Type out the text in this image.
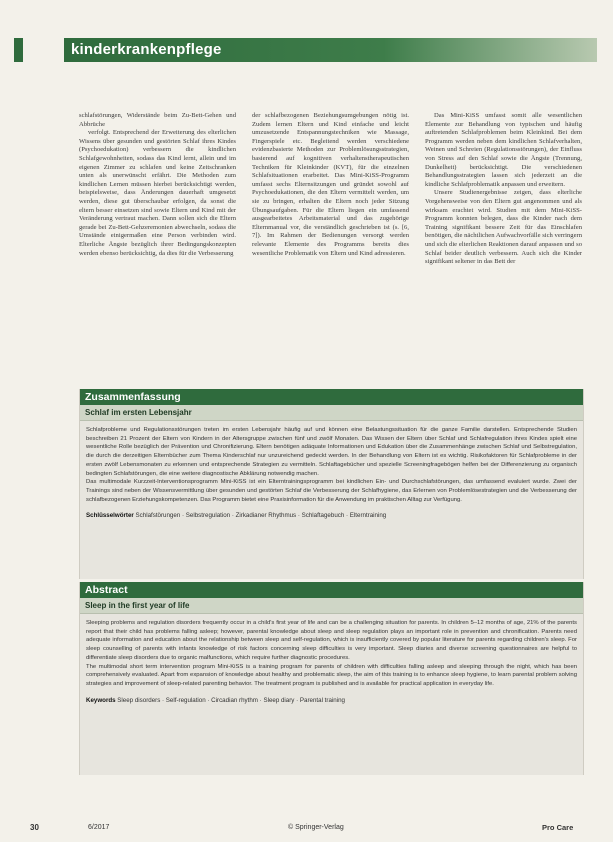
kinderkrankenpflege

schlafstörungen, Widerstände beim Zu-Bett-Gehen und Abbrüche

verfolgt. Entsprechend der Erweiterung des elterlichen Wissens über gesunden und gestörten Schlaf ihres Kindes (Psychoedukation) verbessern die kindlichen Schlafgewohnheiten, sodass das Kind lernt, allein und im eigenen Zimmer zu schlafen und keine Zeitschranken unten als unerwünscht erfährt. Die Methoden zum kindlichen Lernen müssen hierbei berücksichtigt werden, beispielsweise, dass Änderungen dauerhaft umgesetzt werden, diese gut überschaubar erfolgen, da sonst die eltern besser einsetzen sind sowie Eltern und Kind mit der Veränderung vertraut machen. Dann sollen sich die Eltern gerade bei Zu-Bett-Gehzeremonien abwechseln, sodass die Umstände einigermaßen eine Person verbinden wird. Elterliche Ängste bezüglich ihrer Bedingungskonzepten werden ebenso berücksichtig, da dies für die Verbesserung

der schlafbezogenen Beziehungsumgebungen nötig ist. Zudem lernen Eltern und Kind einfache und leicht umzusetzende Entspannungstechniken wie Massage, Fingerspiele etc. Begleitend werden verschiedene evidenzbasierte Methoden zur Problemlösungsstrategien, basierend auf kognitiven verhaltenstherapeutischen Techniken für Kleinkinder (KVT), für die einzelnen Schlafsituationen erarbeitet. Das Mini-KiSS-Programm umfasst sechs Elternsitzungen und gründet sowohl auf Psychoedukationen, die den Eltern vermittelt werden, um sie zu bringen, erhalten die Eltern noch jeder Sitzung Übungsaufgaben. Für die Eltern liegen ein umfassend ausgearbeitetes Arbeitsmaterial und das zugehörige Elternmanual vor, die verständlich geschrieben ist (s. [6, 7]). Im Rahmen der Bedienungen versorgt werden relevante Elemente des Programms bereits dies wesentliche Problematik von Eltern und Kind adressieren.

Das Mini-KiSS umfasst somit alle wesentlichen Elemente zur Behandlung von typischen und häufig auftretenden Schlafproblemen beim Kleinkind. Bei dem Programm werden neben dem kindlichen Schlafverhalten, Weinen und Schreien (Regulationsstörungen), der Einfluss von Stress auf den Schlaf sowie die Ängste (Trennung, Dunkelheit) berücksichtigt. Die verschiedenen Behandlungsstrategien lassen sich jederzeit an die kindliche Schlafproblematik anpassen und erweitern.

Unsere Studienergebnisse zeigen, dass elterliche Vorgehensweise von den Eltern gut angenommen und als wirksam erachtet wird. Studien mit dem Mini-KiSS-Programm konnten belegen, dass die Kinder nach dem Training signifikant bessere Zeit für das Einschlafen benötigen, die nächtlichen Aufwachvorfälle sich verringern und sich die elterlichen Reaktionen darauf anpassen und so Schlaf beider deutlich verbessern. Auch sich die Kinder signifikant seltener in das Bett der

Zusammenfassung
Schlaf im ersten Lebensjahr

Schlafprobleme und Regulationsstörungen treten im ersten Lebensjahr häufig auf und können eine Belastungssituation für die ganze Familie darstellen. Entsprechende Studien beschreiben 21 Prozent der Eltern von Kindern in der Altersgruppe zwischen fünf und zwölf Monaten. Das Wissen der Eltern über Schlaf und Schlafregulation ihres Kindes spielt eine wesentliche Rolle bezüglich der Prävention und Chronifizierung. Eltern benötigen adäquate Informationen und Edukation über die Zusammenhänge zwischen Schlaf und Selbstregulation, die durch die derzeitigen Elternbücher zum Thema Kinderschlaf nur unzureichend gedeckt werden. In der Behandlung von Eltern ist es wichtig. Risikofaktoren für Schlafprobleme in der ersten zwölf Lebensmonaten zu erkennen und entsprechende Strategien zu vermitteln. Schlaftagebücher und spezielle Screeningfragebögen helfen bei der Differenzierung zu organisch bedingten Schlafstörungen, die eine weitere diagnostische Abklärung notwendig machen.

Das multimodale Kurzzeit-Interventionsprogramm Mini-KiSS ist ein Elterntrainingsprogramm bei kindlichen Ein- und Durchschlafstörungen, das umfassend evaluiert wurde. Zwei der Trainings sind neben der Wissensvermittlung über gesunden und gestörten Schlaf die Verbesserung der Schlafhygiene, das Erlernen von Problemlösestrategien und die Verbesserung der schlafbezogenen Erziehungskompetenzen. Das Programm bietet eine Praxisinformation für die Anwendung im praktischen Alltag zur Verfügung.

Schlüsselwörter Schlafstörungen · Selbstregulation · Zirkadianer Rhythmus · Schlaftagebuch · Elterntraining
Abstract
Sleep in the first year of life

Sleeping problems and regulation disorders frequently occur in a child's first year of life and can be a challenging situation for parents. In children 5–12 months of age, 21% of the parents report that their child has problems falling asleep; however, parental knowledge about sleep and sleep regulation plays an important role in prevention and chronification. Parents need adequate information and education about the relationship between sleep and self-regulation, which is insufficiently covered by popular literature for parents regarding children's sleep. For sleep counselling of parents with infants knowledge of risk factors concerning sleep difficulties is very important. Sleep diaries and diverse screening questionnaires are helpful to differentiate sleep disorders due to organic malfunctions, which require further diagnostic procedures.

The multimodal short term intervention program Mini-KiSS is a training program for parents of children with difficulties falling asleep and sleeping through the night, which has been comprehensively evaluated. Apart from expansion of knowledge about healthy and problematic sleep, the aim of this training is to enhance sleep hygiene, to learn parental problem solving strategies and improvement of sleep-related parenting behavior. The treatment program is published and is available for practical application in everyday life.

Keywords Sleep disorders · Self-regulation · Circadian rhythm · Sleep diary · Parental training
30	6/2017	© Springer-Verlag	Pro Care
